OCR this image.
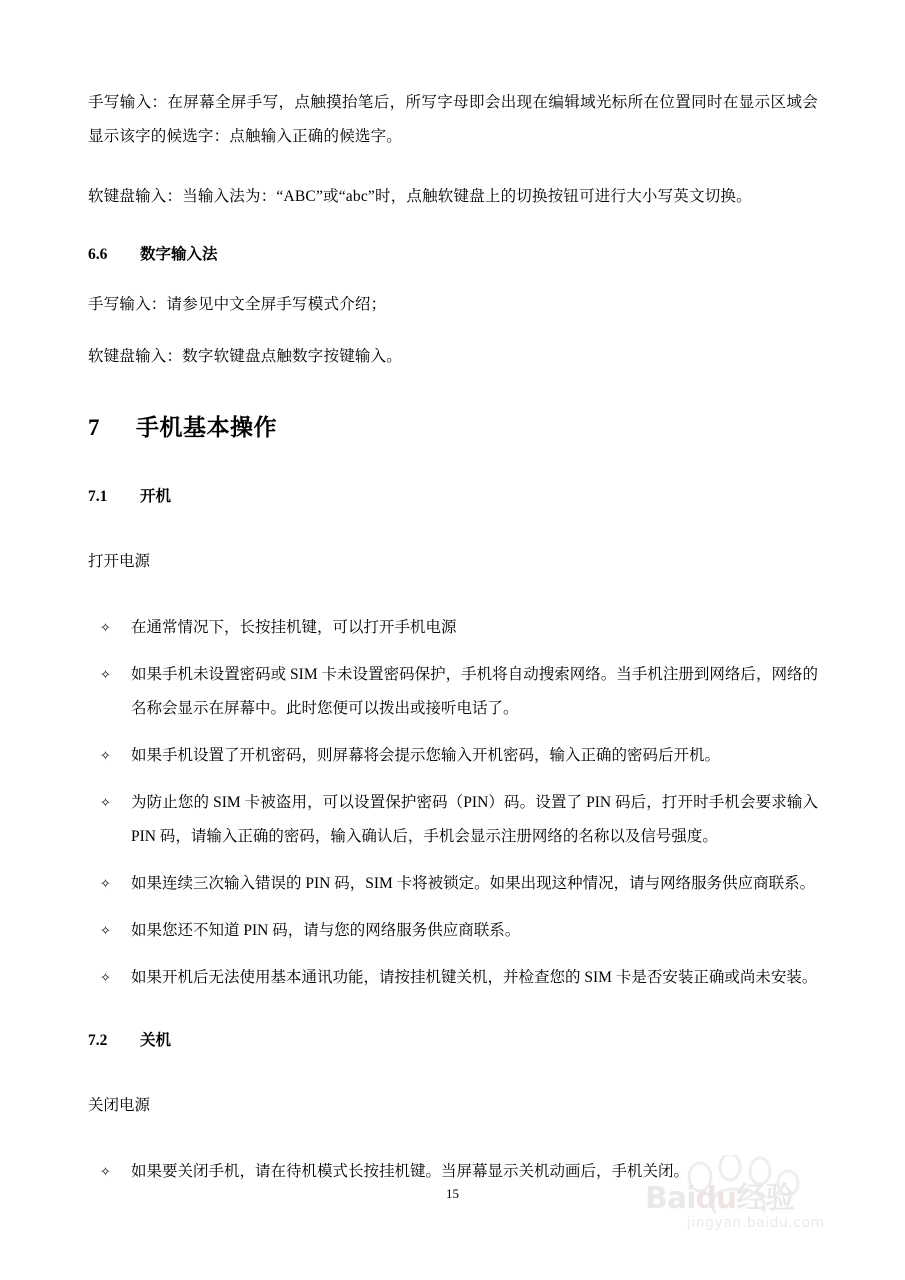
手写输入：在屏幕全屏手写，点触摸抬笔后，所写字母即会出现在编辑域光标所在位置同时在显示区域会显示该字的候选字：点触输入正确的候选字。

软键盘输入：当输入法为：“ABC”或“abc”时，点触软键盘上的切换按钮可进行大小写英文切换。

6.6 数字输入法

手写输入：请参见中文全屏手写模式介绍；

软键盘输入：数字软键盘点触数字按键输入。

7 手机基本操作
7.1 开机

打开电源

✧ 在通常情况下，长按挂机键，可以打开手机电源
✧ 如果手机未设置密码或 SIM 卡未设置密码保护，手机将自动搜索网络。当手机注册到网络后，网络的名称会显示在屏幕中。此时您便可以拨出或接听电话了。
✧ 如果手机设置了开机密码，则屏幕将会提示您输入开机密码，输入正确的密码后开机。
✧ 为防止您的 SIM 卡被盗用，可以设置保护密码（PIN）码。设置了 PIN 码后，打开时手机会要求输入 PIN 码，请输入正确的密码，输入确认后，手机会显示注册网络的名称以及信号强度。
✧ 如果连续三次输入错误的 PIN 码，SIM 卡将被锁定。如果出现这种情况，请与网络服务供应商联系。
✧ 如果您还不知道 PIN 码，请与您的网络服务供应商联系。
✧ 如果开机后无法使用基本通讯功能，请按挂机键关机，并检查您的 SIM 卡是否安装正确或尚未安装。
7.2 关机

关闭电源

✧ 如果要关闭手机，请在待机模式长按挂机键。当屏幕显示关机动画后，手机关闭。
15	Baidu经验
jingyan.baidu.com
